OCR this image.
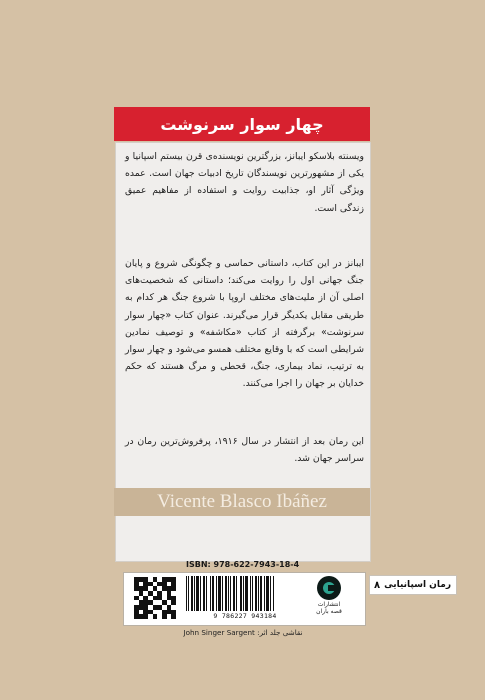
چهار سوار سرنوشت
ویسنته بلاسکو ایبانز، بزرگترین نویسنده‌ی قرن بیستم اسپانیا و یکی از مشهورترین نویسندگان تاریخ ادبیات جهان است. عمده ویژگی آثار او، جذابیت روایت و استفاده از مفاهیم عمیق زندگی است.
ایبانز در این کتاب، داستانی حماسی و چگونگی شروع و پایان جنگ جهانی اول را روایت می‌کند؛ داستانی که شخصیت‌های اصلی آن از ملیت‌های مختلف اروپا با شروع جنگ هر کدام به طریقی مقابل یکدیگر قرار می‌گیرند. عنوان کتاب «چهار سوار سرنوشت» برگرفته از کتاب «مکاشفه» و توصیف نمادین شرایطی است که با وقایع مختلف همسو می‌شود و چهار سوار به ترتیب، نماد بیماری، جنگ، قحطی و مرگ هستند که حکم خدایان بر جهان را اجرا می‌کنند.
این رمان بعد از انتشار در سال ۱۹۱۶، پرفروش‌ترین رمان در سراسر جهان شد.
Vicente Blasco Ibáñez
ISBN: 978-622-7943-18-4
9 786227 943184
انتشارات قصه باران
رمان اسپانیایی
۸
نقاشی جلد اثر: John Singer Sargent
